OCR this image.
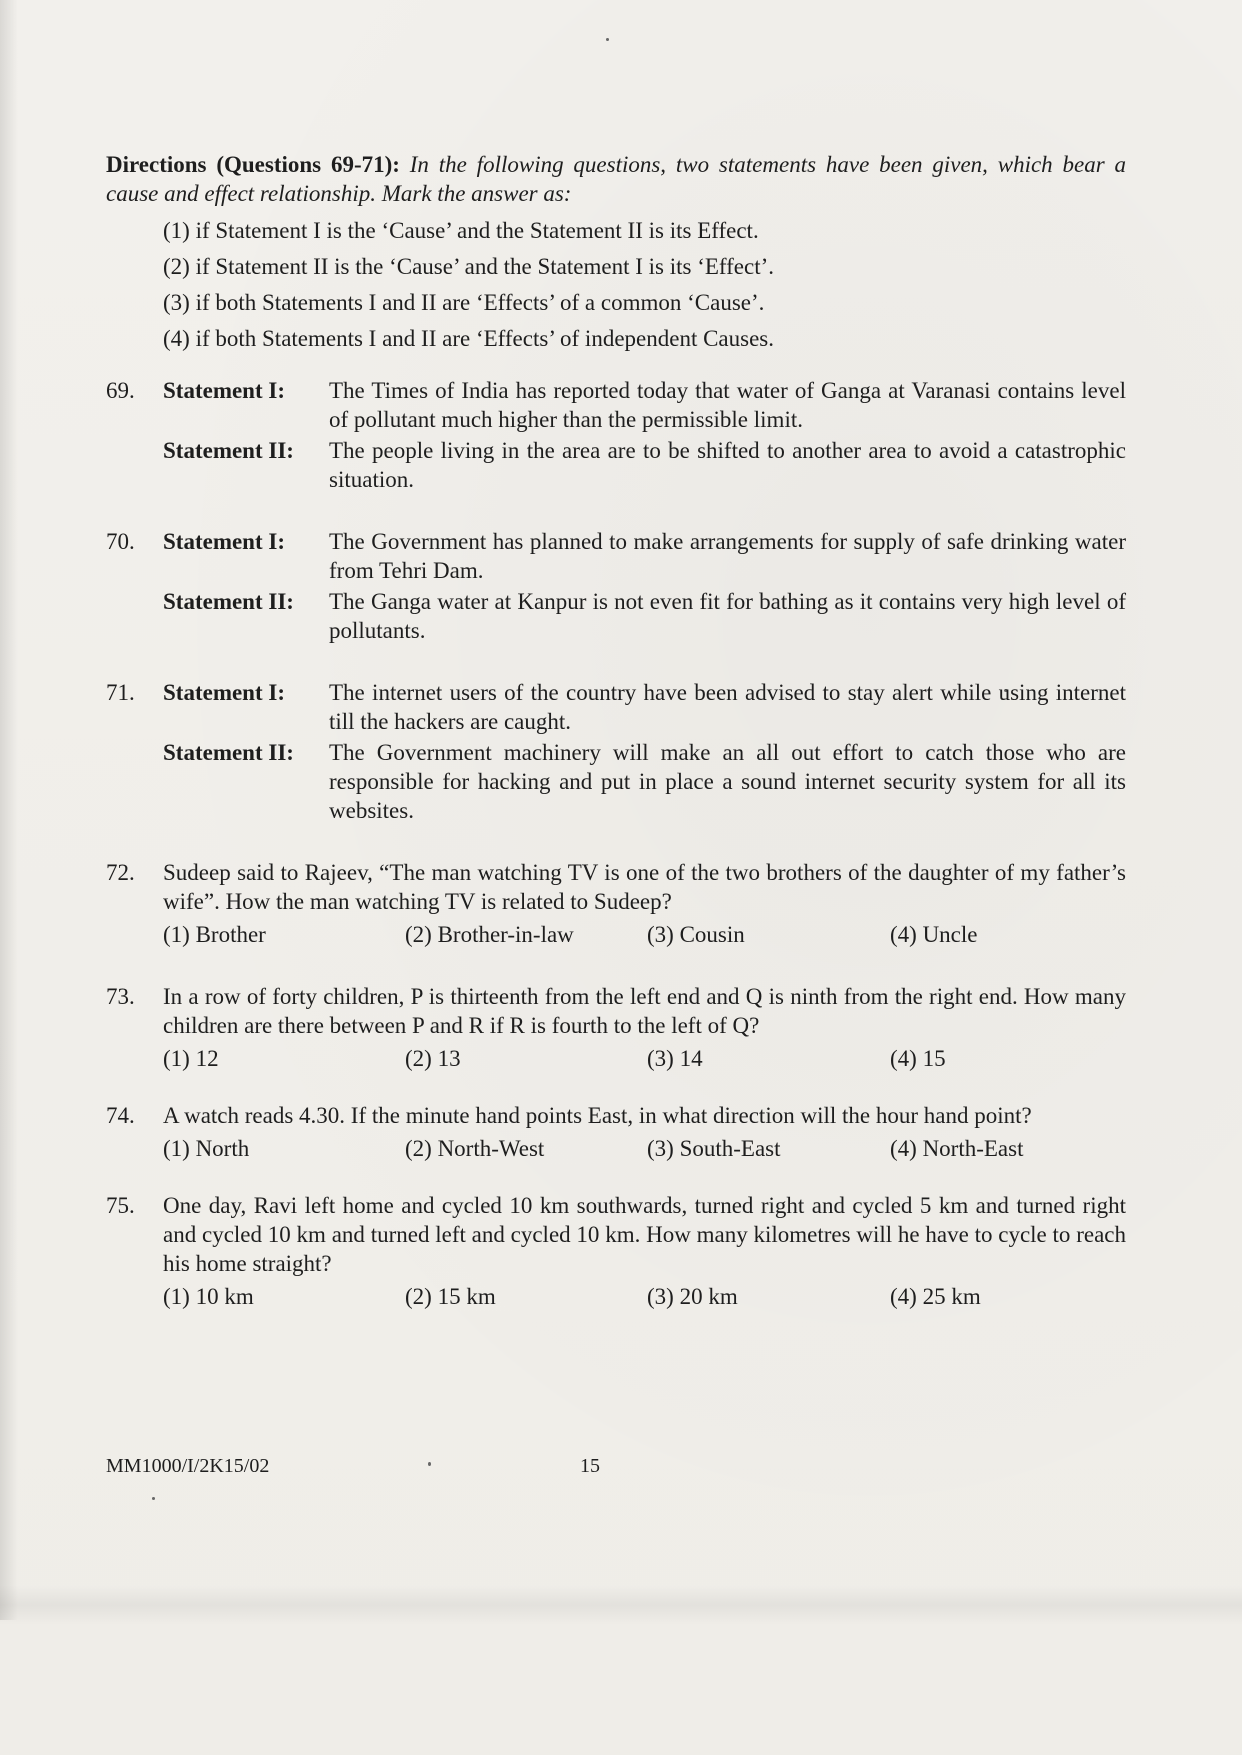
Directions (Questions 69-71): In the following questions, two statements have been given, which bear a cause and effect relationship. Mark the answer as:
(1) if Statement I is the ‘Cause’ and the Statement II is its Effect.
(2) if Statement II is the ‘Cause’ and the Statement I is its ‘Effect’.
(3) if both Statements I and II are ‘Effects’ of a common ‘Cause’.
(4) if both Statements I and II are ‘Effects’ of independent Causes.
69.	Statement I:	The Times of India has reported today that water of Ganga at Varanasi contains level of pollutant much higher than the permissible limit.
Statement II:	The people living in the area are to be shifted to another area to avoid a catastrophic situation.
70.	Statement I:	The Government has planned to make arrangements for supply of safe drinking water from Tehri Dam.
Statement II:	The Ganga water at Kanpur is not even fit for bathing as it contains very high level of pollutants.
71.	Statement I:	The internet users of the country have been advised to stay alert while using internet till the hackers are caught.
Statement II:	The Government machinery will make an all out effort to catch those who are responsible for hacking and put in place a sound internet security system for all its websites.
72.	Sudeep said to Rajeev, “The man watching TV is one of the two brothers of the daughter of my father’s wife”. How the man watching TV is related to Sudeep?
(1) Brother	(2) Brother-in-law	(3) Cousin	(4) Uncle
73.	In a row of forty children, P is thirteenth from the left end and Q is ninth from the right end. How many children are there between P and R if R is fourth to the left of Q?
(1) 12	(2) 13	(3) 14	(4) 15
74.	A watch reads 4.30. If the minute hand points East, in what direction will the hour hand point?
(1) North	(2) North-West	(3) South-East	(4) North-East
75.	One day, Ravi left home and cycled 10 km southwards, turned right and cycled 5 km and turned right and cycled 10 km and turned left and cycled 10 km. How many kilometres will he have to cycle to reach his home straight?
(1) 10 km	(2) 15 km	(3) 20 km	(4) 25 km
MM1000/I/2K15/02	15
